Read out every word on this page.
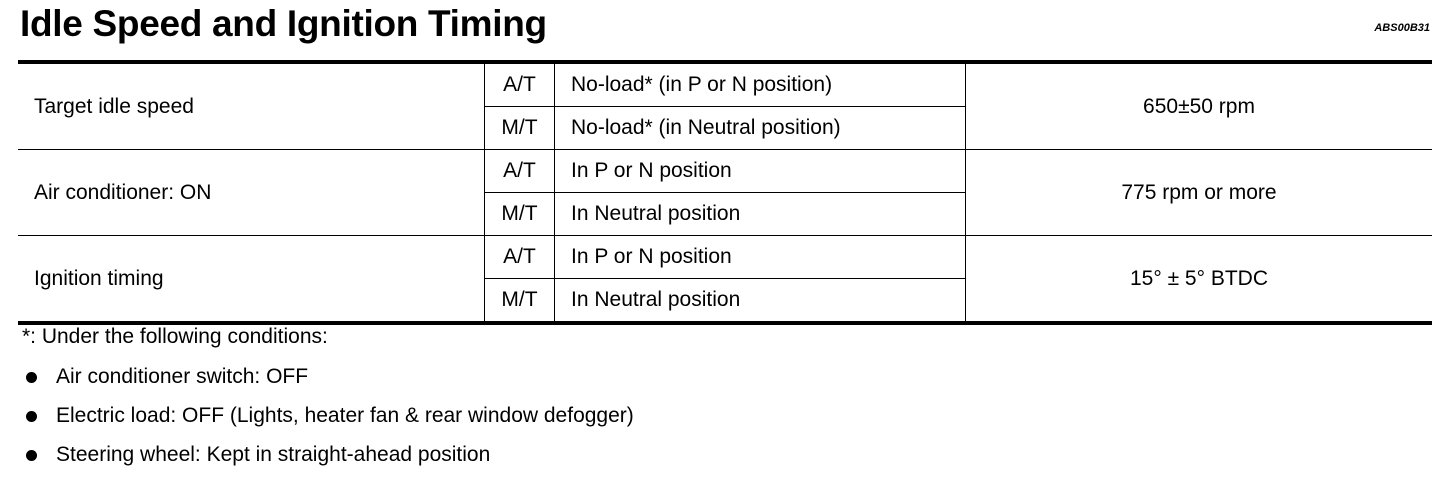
Idle Speed and Ignition Timing	ABS00B31
Target idle speed	A/T	No-load* (in P or N position)	650±50 rpm
	M/T	No-load* (in Neutral position)	
Air conditioner: ON	A/T	In P or N position	775 rpm or more
	M/T	In Neutral position	
Ignition timing	A/T	In P or N position	15° ± 5° BTDC
	M/T	In Neutral position	
*: Under the following conditions:
Air conditioner switch: OFF
Electric load: OFF (Lights, heater fan & rear window defogger)
Steering wheel: Kept in straight-ahead position
